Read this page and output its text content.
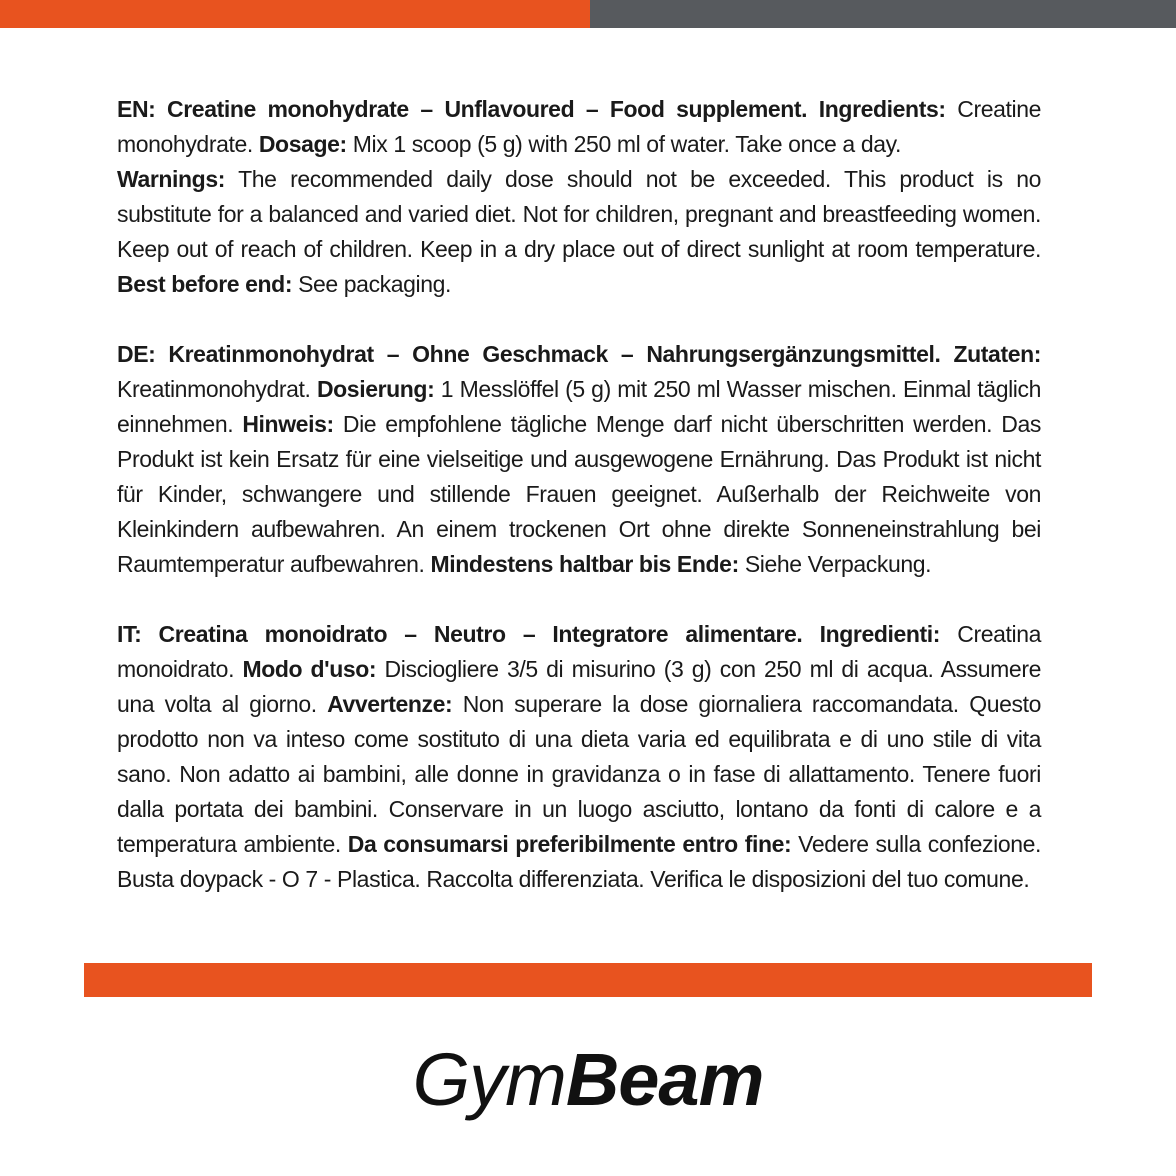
EN: Creatine monohydrate – Unflavoured – Food supplement. Ingredients: Creatine monohydrate. Dosage: Mix 1 scoop (5 g) with 250 ml of water. Take once a day.
Warnings: The recommended daily dose should not be exceeded. This product is no substitute for a balanced and varied diet. Not for children, pregnant and breastfeeding women. Keep out of reach of children. Keep in a dry place out of direct sunlight at room temperature. Best before end: See packaging.

DE: Kreatinmonohydrat – Ohne Geschmack – Nahrungsergänzungsmittel. Zutaten: Kreatinmonohydrat. Dosierung: 1 Messlöffel (5 g) mit 250 ml Wasser mischen. Einmal täglich einnehmen. Hinweis: Die empfohlene tägliche Menge darf nicht überschritten werden. Das Produkt ist kein Ersatz für eine vielseitige und ausgewogene Ernährung. Das Produkt ist nicht für Kinder, schwangere und stillende Frauen geeignet. Außerhalb der Reichweite von Kleinkindern aufbewahren. An einem trockenen Ort ohne direkte Sonneneinstrahlung bei Raumtemperatur aufbewahren. Mindestens haltbar bis Ende: Siehe Verpackung.

IT: Creatina monoidrato – Neutro – Integratore alimentare. Ingredienti: Creatina monoidrato. Modo d'uso: Disciogliere 3/5 di misurino (3 g) con 250 ml di acqua. Assumere una volta al giorno. Avvertenze: Non superare la dose giornaliera raccomandata. Questo prodotto non va inteso come sostituto di una dieta varia ed equilibrata e di uno stile di vita sano. Non adatto ai bambini, alle donne in gravidanza o in fase di allattamento. Tenere fuori dalla portata dei bambini. Conservare in un luogo asciutto, lontano da fonti di calore e a temperatura ambiente. Da consumarsi preferibilmente entro fine: Vedere sulla confezione. Busta doypack - O 7 - Plastica. Raccolta differenziata. Verifica le disposizioni del tuo comune.

GymBeam
